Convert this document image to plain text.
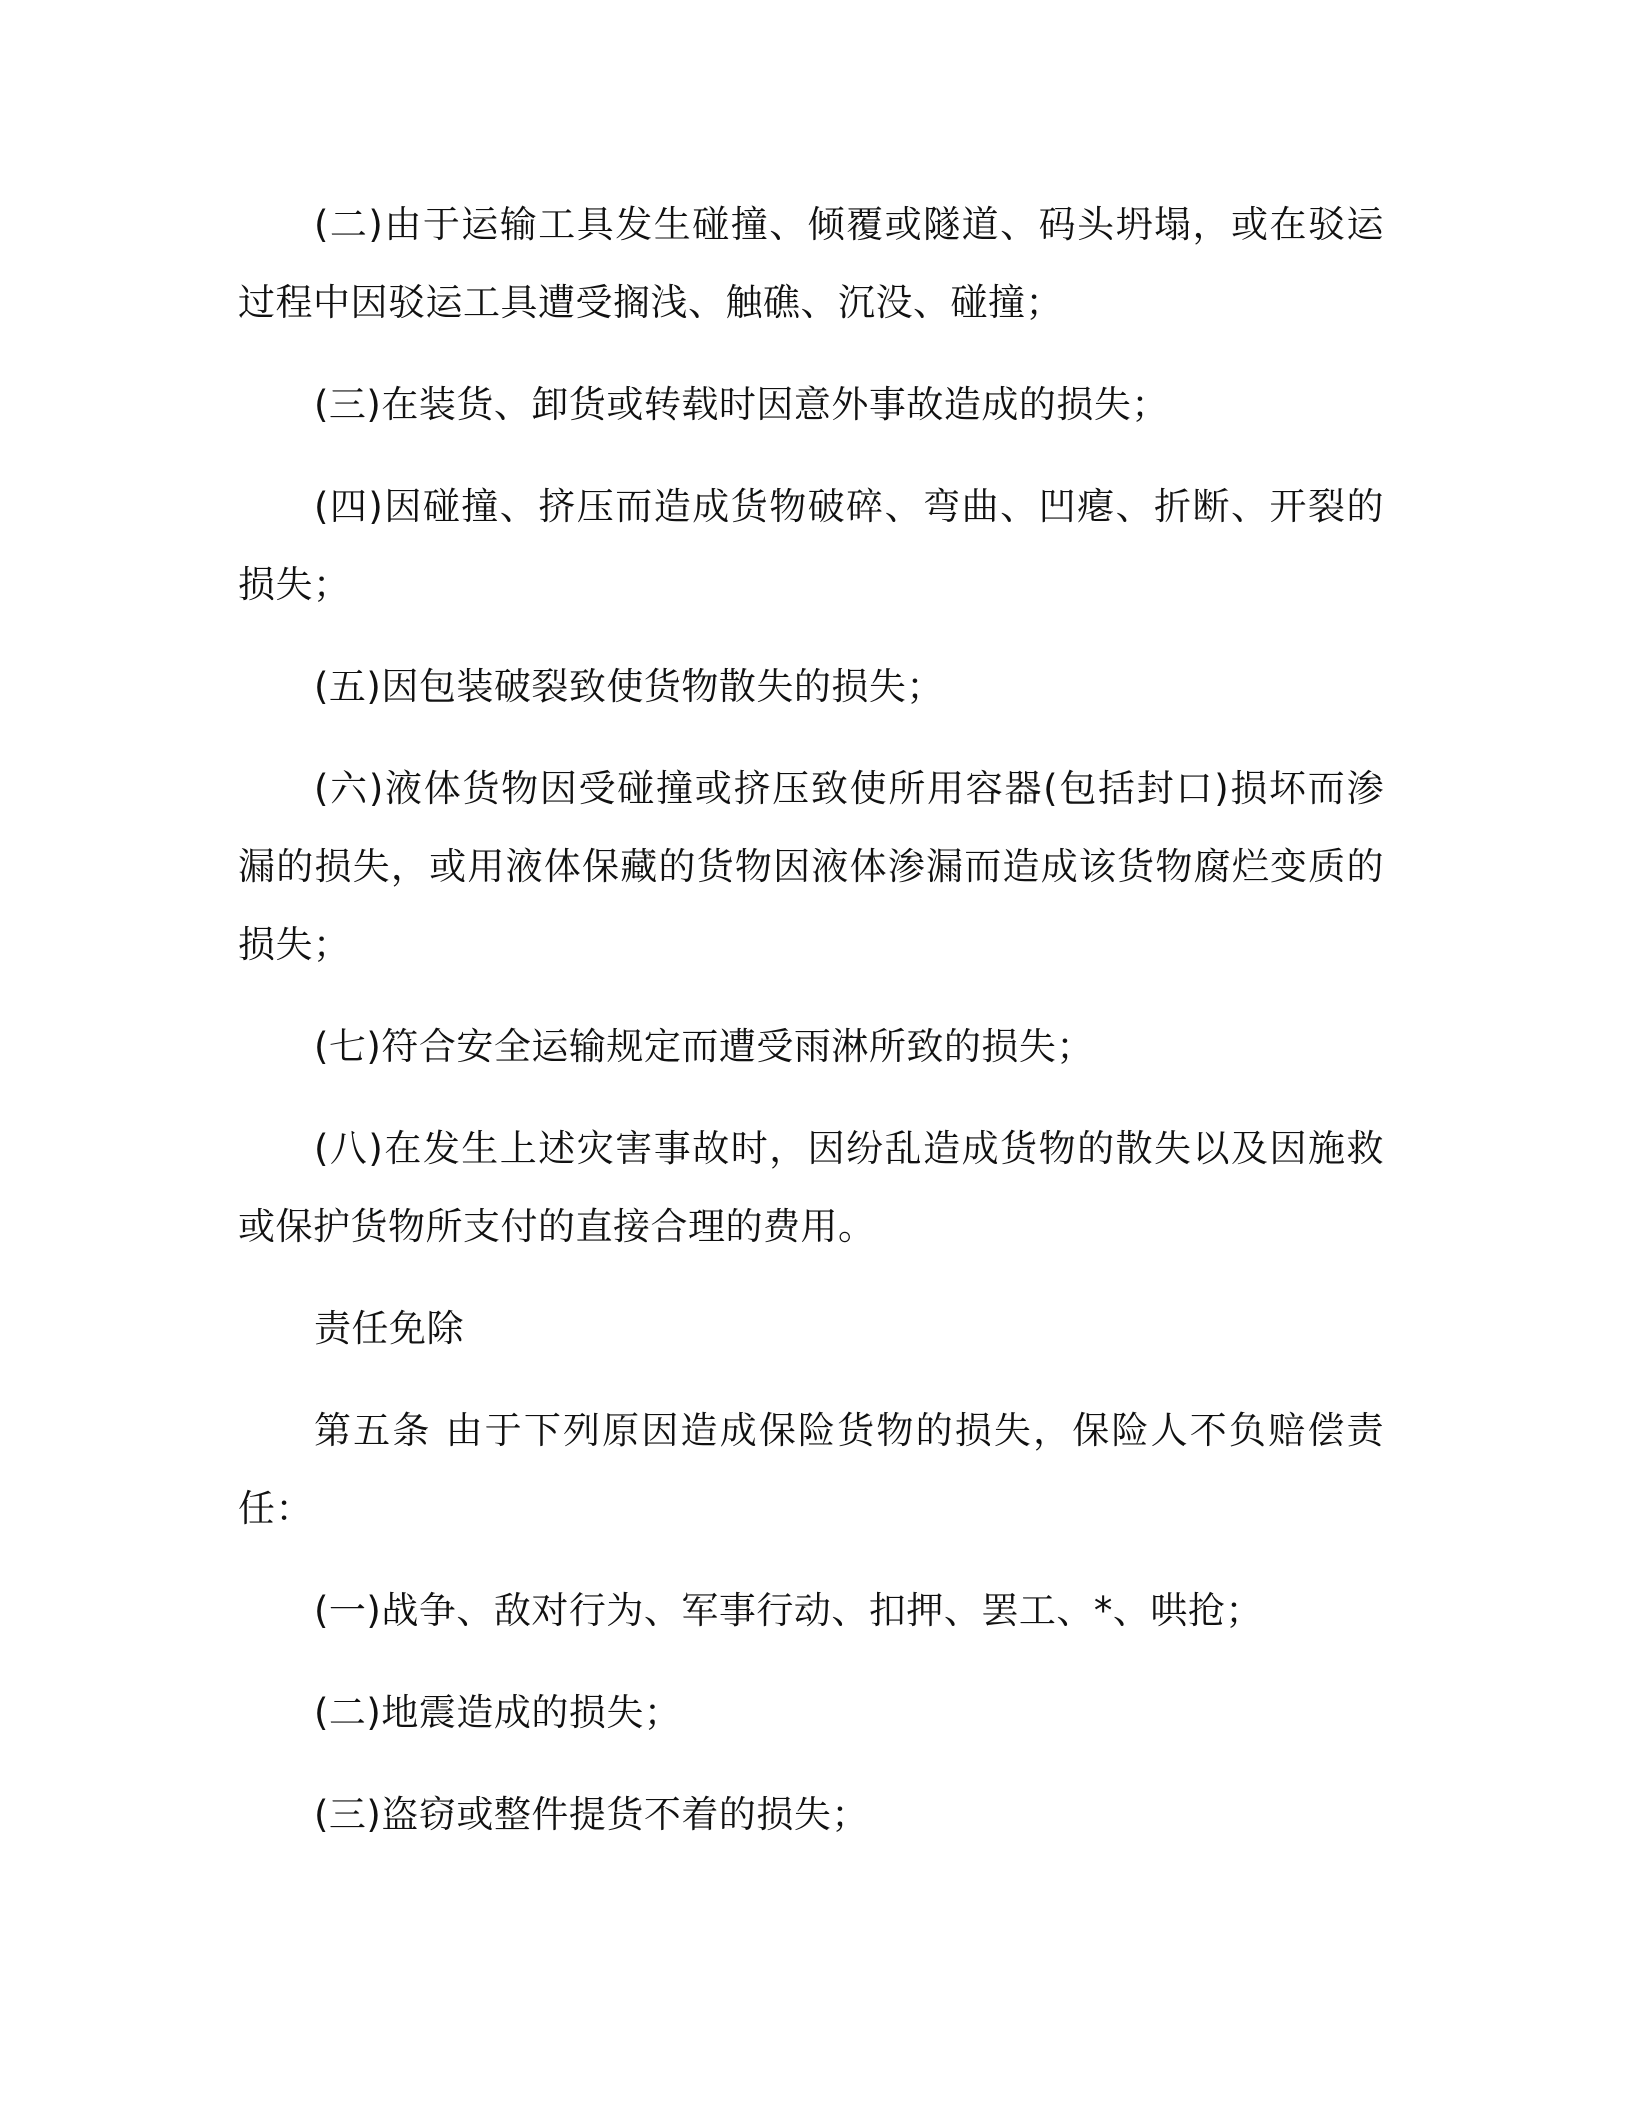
(二)由于运输工具发生碰撞、倾覆或隧道、码头坍塌，或在驳运过程中因驳运工具遭受搁浅、触礁、沉没、碰撞；

(三)在装货、卸货或转载时因意外事故造成的损失；

(四)因碰撞、挤压而造成货物破碎、弯曲、凹瘪、折断、开裂的损失；

(五)因包装破裂致使货物散失的损失；

(六)液体货物因受碰撞或挤压致使所用容器(包括封口)损坏而渗漏的损失，或用液体保藏的货物因液体渗漏而造成该货物腐烂变质的损失；

(七)符合安全运输规定而遭受雨淋所致的损失；

(八)在发生上述灾害事故时，因纷乱造成货物的散失以及因施救或保护货物所支付的直接合理的费用。

责任免除

第五条 由于下列原因造成保险货物的损失，保险人不负赔偿责任：

(一)战争、敌对行为、军事行动、扣押、罢工、*、哄抢；

(二)地震造成的损失；

(三)盗窃或整件提货不着的损失；
